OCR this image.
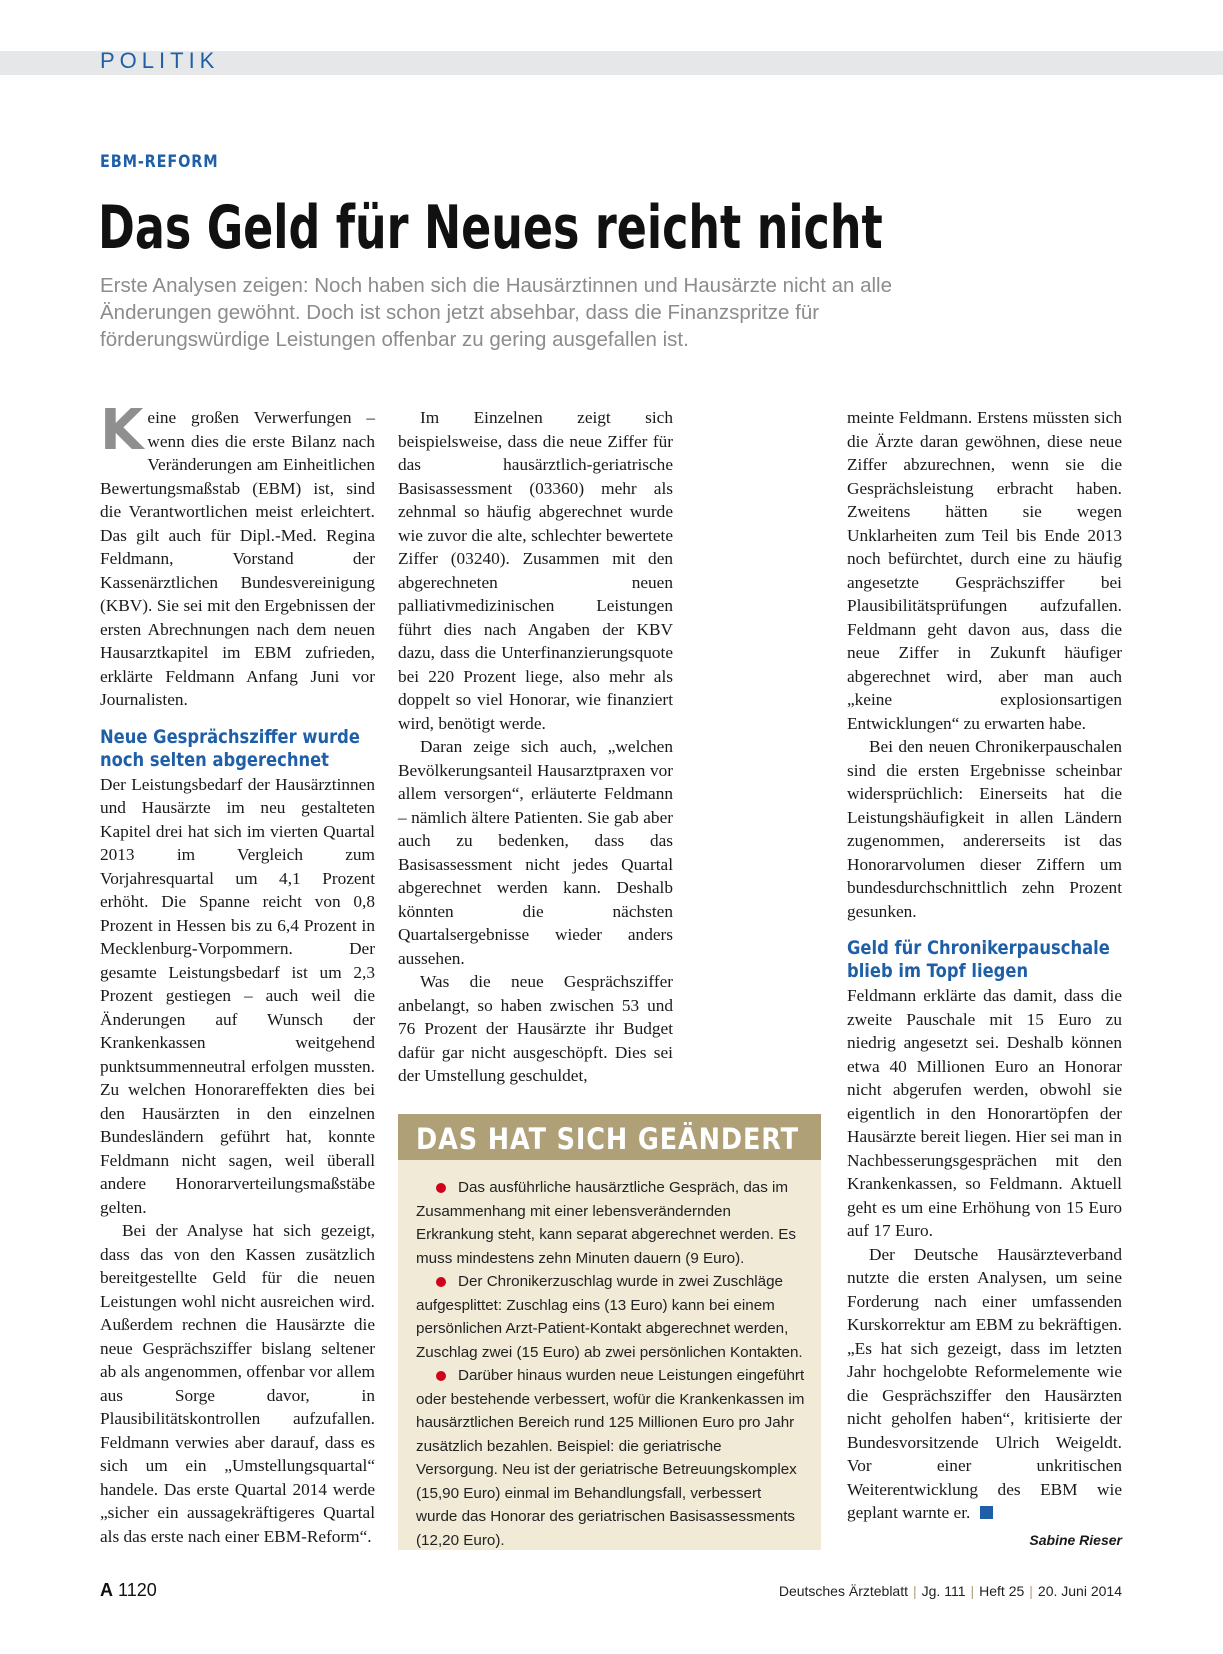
POLITIK
EBM-REFORM
Das Geld für Neues reicht nicht

Erste Analysen zeigen: Noch haben sich die Hausärztinnen und Hausärzte nicht an alle Änderungen gewöhnt. Doch ist schon jetzt absehbar, dass die Finanzspritze für förderungswürdige Leistungen offenbar zu gering ausgefallen ist.

Keine großen Verwerfungen – wenn dies die erste Bilanz nach Veränderungen am Einheitlichen Bewertungsmaßstab (EBM) ist, sind die Verantwortlichen meist erleichtert. Das gilt auch für Dipl.-Med. Regina Feldmann, Vorstand der Kassenärztlichen Bundesvereinigung (KBV). Sie sei mit den Ergebnissen der ersten Abrechnungen nach dem neuen Hausarztkapitel im EBM zufrieden, erklärte Feldmann Anfang Juni vor Journalisten.

Neue Gesprächsziffer wurde noch selten abgerechnet

Der Leistungsbedarf der Hausärztinnen und Hausärzte im neu gestalteten Kapitel drei hat sich im vierten Quartal 2013 im Vergleich zum Vorjahresquartal um 4,1 Prozent erhöht. Die Spanne reicht von 0,8 Prozent in Hessen bis zu 6,4 Prozent in Mecklenburg-Vorpommern. Der gesamte Leistungsbedarf ist um 2,3 Prozent gestiegen – auch weil die Änderungen auf Wunsch der Krankenkassen weitgehend punktsummenneutral erfolgen mussten. Zu welchen Honorareffekten dies bei den Hausärzten in den einzelnen Bundesländern geführt hat, konnte Feldmann nicht sagen, weil überall andere Honorarverteilungsmaßstäbe gelten.

Bei der Analyse hat sich gezeigt, dass das von den Kassen zusätzlich bereitgestellte Geld für die neuen Leistungen wohl nicht ausreichen wird. Außerdem rechnen die Hausärzte die neue Gesprächsziffer bislang seltener ab als angenommen, offenbar vor allem aus Sorge davor, in Plausibilitätskontrollen aufzufallen. Feldmann verwies aber darauf, dass es sich um ein „Umstellungsquartal“ handele. Das erste Quartal 2014 werde „sicher ein aussagekräftigeres Quartal als das erste nach einer EBM-Reform“.

Im Einzelnen zeigt sich beispielsweise, dass die neue Ziffer für das hausärztlich-geriatrische Basisassessment (03360) mehr als zehnmal so häufig abgerechnet wurde wie zuvor die alte, schlechter bewertete Ziffer (03240). Zusammen mit den abgerechneten neuen palliativmedizinischen Leistungen führt dies nach Angaben der KBV dazu, dass die Unterfinanzierungsquote bei 220 Prozent liege, also mehr als doppelt so viel Honorar, wie finanziert wird, benötigt werde.

Daran zeige sich auch, „welchen Bevölkerungsanteil Hausarztpraxen vor allem versorgen“, erläuterte Feldmann – nämlich ältere Patienten. Sie gab aber auch zu bedenken, dass das Basisassessment nicht jedes Quartal abgerechnet werden kann. Deshalb könnten die nächsten Quartalsergebnisse wieder anders aussehen.

Was die neue Gesprächsziffer anbelangt, so haben zwischen 53 und 76 Prozent der Hausärzte ihr Budget dafür gar nicht ausgeschöpft. Dies sei der Umstellung geschuldet,

DAS HAT SICH GEÄNDERT
Das ausführliche hausärztliche Gespräch, das im Zusammenhang mit einer lebensverändernden Erkrankung steht, kann separat abgerechnet werden. Es muss mindestens zehn Minuten dauern (9 Euro).
Der Chronikerzuschlag wurde in zwei Zuschläge aufgesplittet: Zuschlag eins (13 Euro) kann bei einem persönlichen Arzt-Patient-Kontakt abgerechnet werden, Zuschlag zwei (15 Euro) ab zwei persönlichen Kontakten.
Darüber hinaus wurden neue Leistungen eingeführt oder bestehende verbessert, wofür die Krankenkassen im hausärztlichen Bereich rund 125 Millionen Euro pro Jahr zusätzlich bezahlen. Beispiel: die geriatrische Versorgung. Neu ist der geriatrische Betreuungskomplex (15,90 Euro) einmal im Behandlungsfall, verbessert wurde das Honorar des geriatrischen Basisassessments (12,20 Euro).

meinte Feldmann. Erstens müssten sich die Ärzte daran gewöhnen, diese neue Ziffer abzurechnen, wenn sie die Gesprächsleistung erbracht haben. Zweitens hätten sie wegen Unklarheiten zum Teil bis Ende 2013 noch befürchtet, durch eine zu häufig angesetzte Gesprächsziffer bei Plausibilitätsprüfungen aufzufallen. Feldmann geht davon aus, dass die neue Ziffer in Zukunft häufiger abgerechnet wird, aber man auch „keine explosionsartigen Entwicklungen“ zu erwarten habe.

Bei den neuen Chronikerpauschalen sind die ersten Ergebnisse scheinbar widersprüchlich: Einerseits hat die Leistungshäufigkeit in allen Ländern zugenommen, andererseits ist das Honorarvolumen dieser Ziffern um bundesdurchschnittlich zehn Prozent gesunken.

Geld für Chronikerpauschale blieb im Topf liegen

Feldmann erklärte das damit, dass die zweite Pauschale mit 15 Euro zu niedrig angesetzt sei. Deshalb können etwa 40 Millionen Euro an Honorar nicht abgerufen werden, obwohl sie eigentlich in den Honorartöpfen der Hausärzte bereit liegen. Hier sei man in Nachbesserungsgesprächen mit den Krankenkassen, so Feldmann. Aktuell geht es um eine Erhöhung von 15 Euro auf 17 Euro.

Der Deutsche Hausärzteverband nutzte die ersten Analysen, um seine Forderung nach einer umfassenden Kurskorrektur am EBM zu bekräftigen. „Es hat sich gezeigt, dass im letzten Jahr hochgelobte Reformelemente wie die Gesprächsziffer den Hausärzten nicht geholfen haben“, kritisierte der Bundesvorsitzende Ulrich Weigeldt. Vor einer unkritischen Weiterentwicklung des EBM wie geplant warnte er.

Sabine Rieser
A 1120	Deutsches Ärzteblatt | Jg. 111 | Heft 25 | 20. Juni 2014
